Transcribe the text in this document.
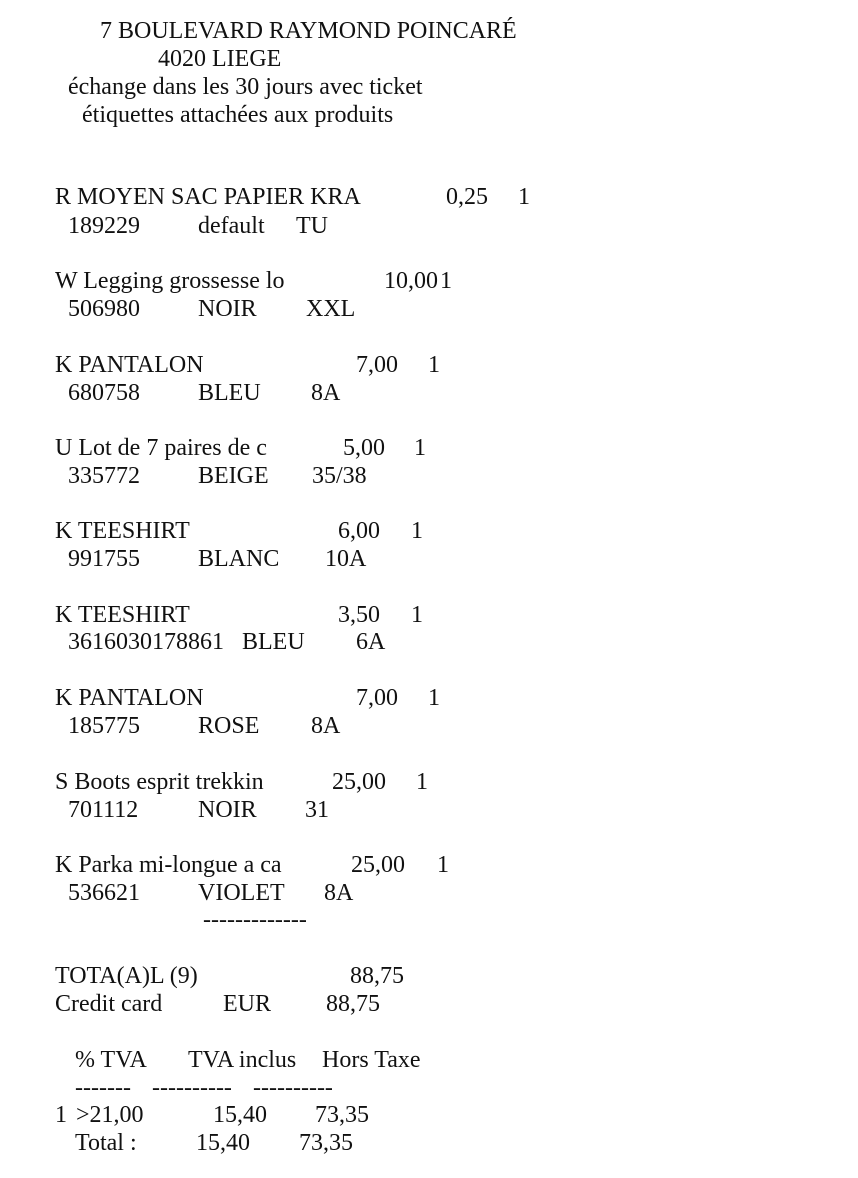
7 BOULEVARD RAYMOND POINCARÉ

4020 LIEGE

échange dans les 30 jours avec ticket

étiquettes attachées aux produits

R MOYEN SAC PAPIER KRA	0,25 1

189229 default TU

W Legging grossesse lo	10,00 1

506980 NOIR XXL

K PANTALON	7,00 1

680758 BLEU 8A

U Lot de 7 paires de c	5,00 1

335772 BEIGE 35/38

K TEESHIRT	6,00 1

991755 BLANC 10A

K TEESHIRT	3,50 1

3616030178861 BLEU 6A

K PANTALON	7,00 1

185775 ROSE 8A

S Boots esprit trekkin	25,00 1

701112 NOIR 31

K Parka mi-longue a ca	25,00 1

536621 VIOLET 8A

-------------

TOTA(A)L (9)	88,75

Credit card	EUR 88,75

% TVA TVA inclus Hors Taxe

------- ---------- ----------

1 >21,00	15,40 73,35

Total : 15,40 73,35
